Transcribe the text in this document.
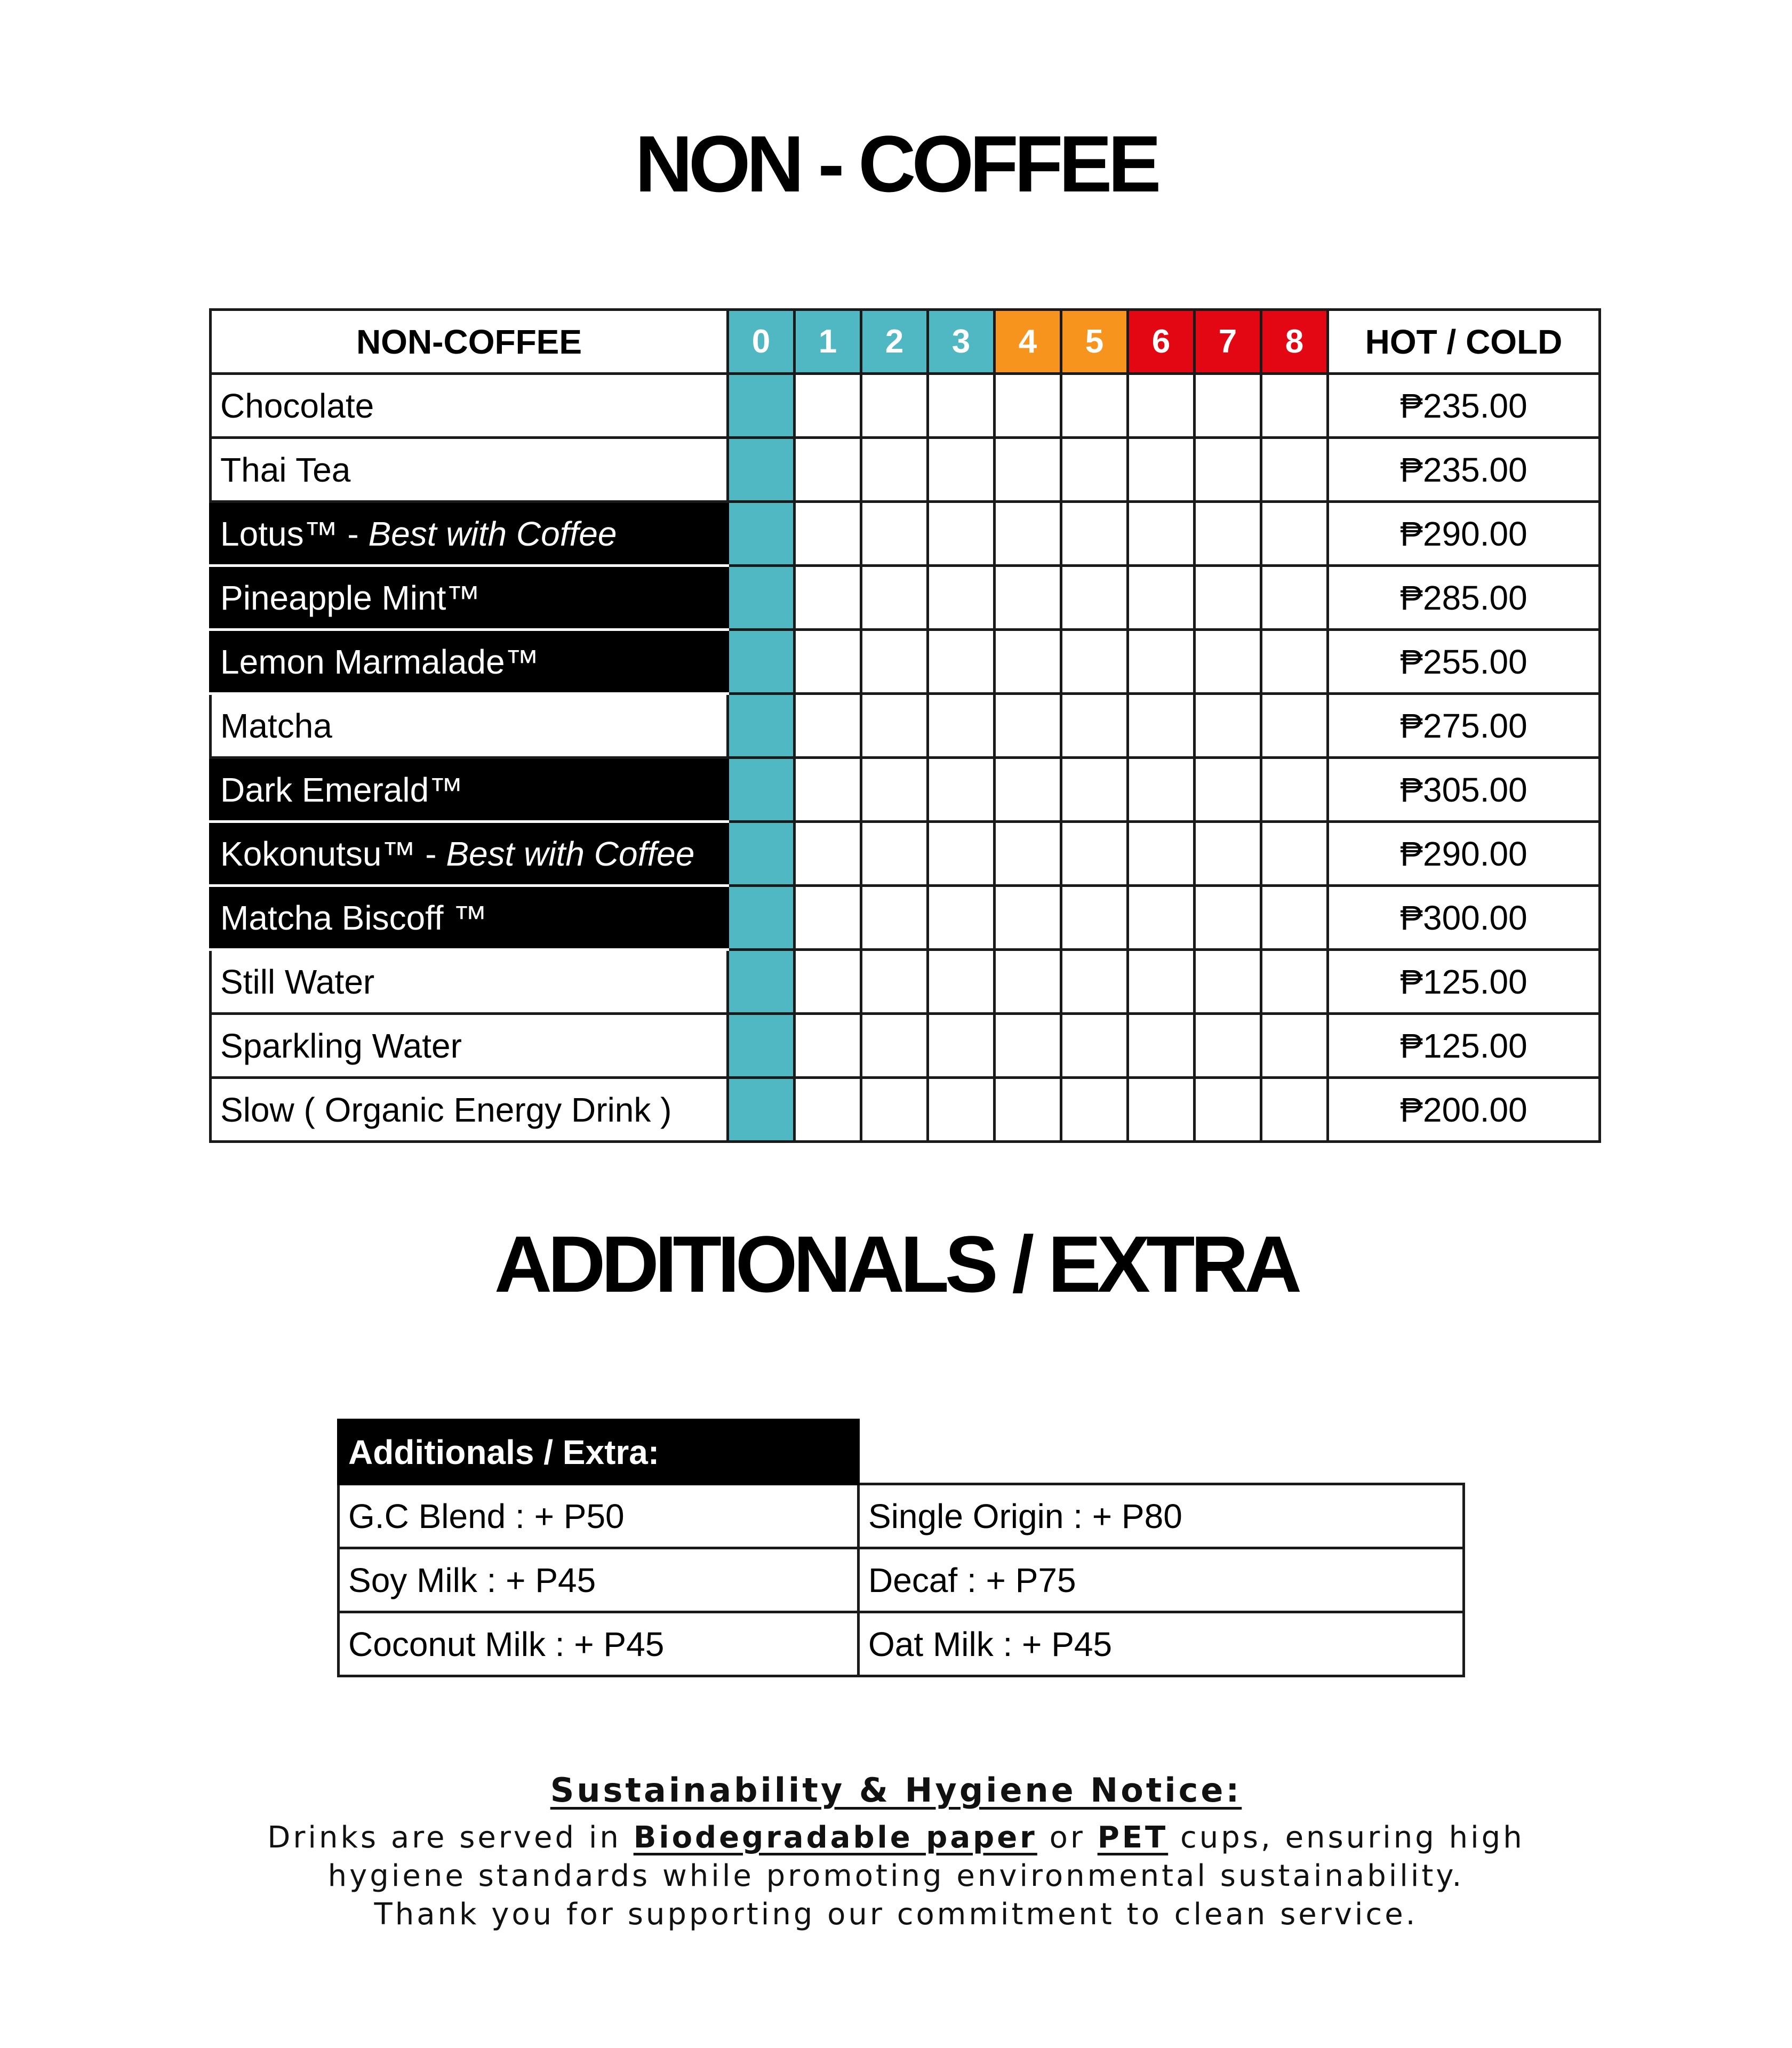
NON - COFFEE
NON-COFFEE	0	1	2	3	4	5	6	7	8	HOT / COLD
Chocolate										₱235.00
Thai Tea										₱235.00
Lotus™ - Best with Coffee										₱290.00
Pineapple Mint™										₱285.00
Lemon Marmalade™										₱255.00
Matcha										₱275.00
Dark Emerald™										₱305.00
Kokonutsu™ - Best with Coffee										₱290.00
Matcha Biscoff ™										₱300.00
Still Water										₱125.00
Sparkling Water										₱125.00
Slow ( Organic Energy Drink )										₱200.00
ADDITIONALS / EXTRA
Additionals / Extra:	
G.C Blend : + P50	Single Origin : + P80
Soy Milk : + P45	Decaf : + P75
Coconut Milk : + P45	Oat Milk : + P45
Sustainability & Hygiene Notice:
Drinks are served in Biodegradable paper or PET cups, ensuring high
hygiene standards while promoting environmental sustainability.
Thank you for supporting our commitment to clean service.
